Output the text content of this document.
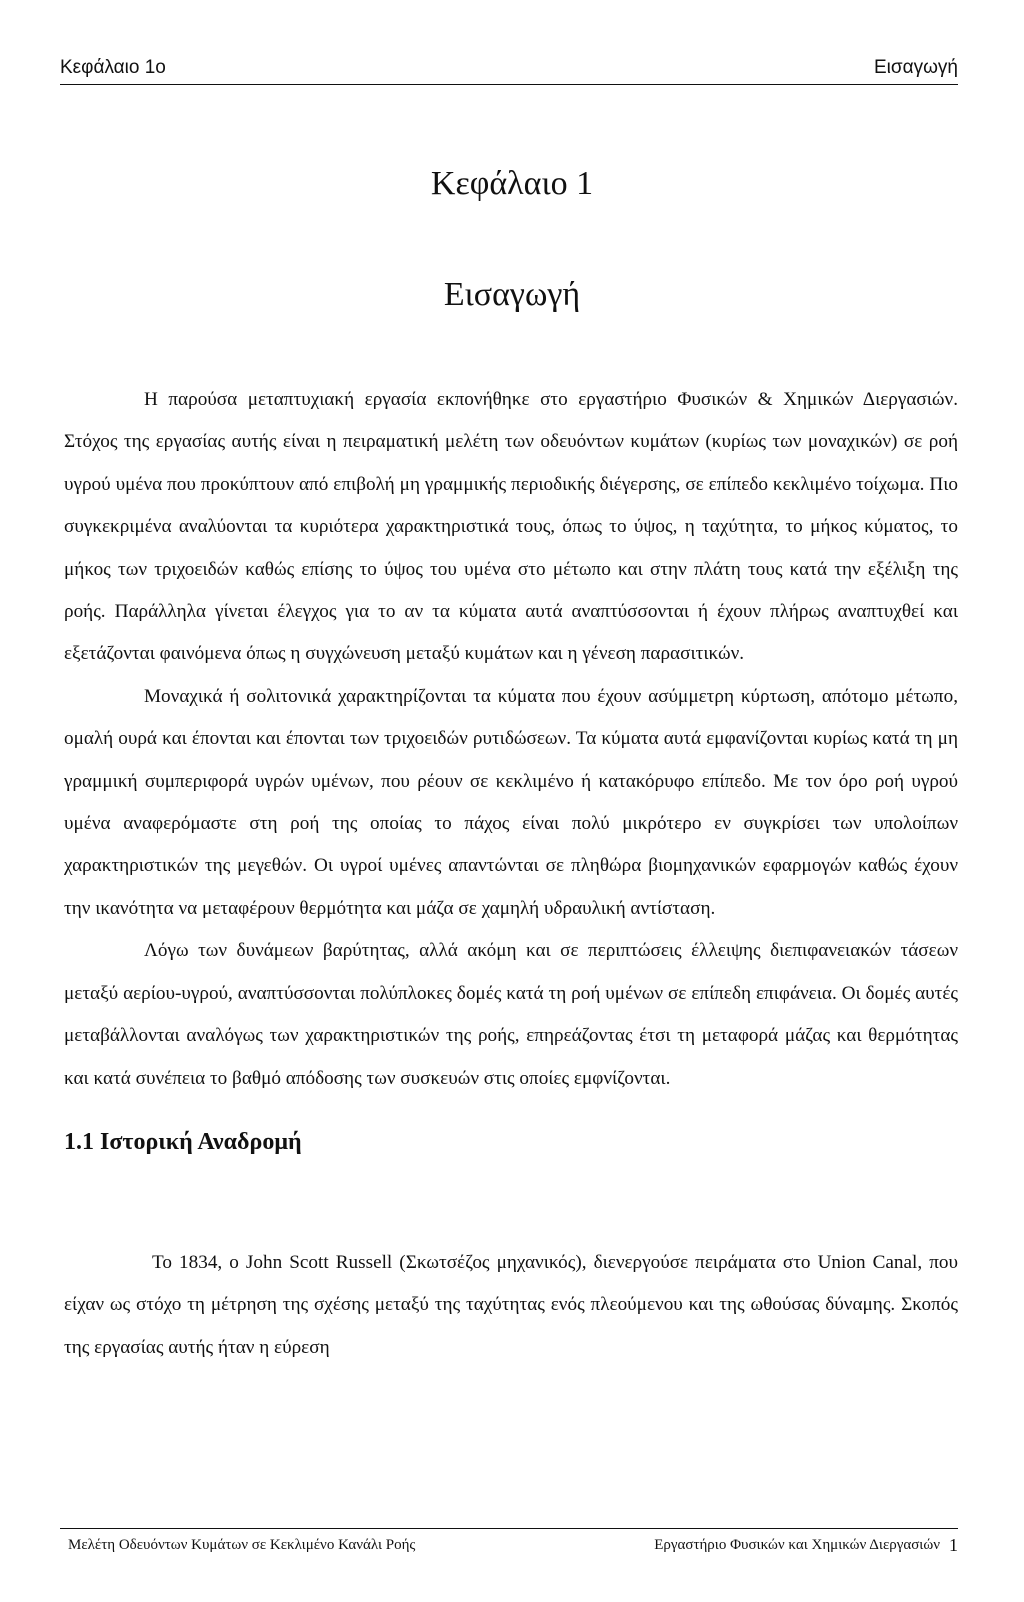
Κεφάλαιο 1ο	Εισαγωγή
Κεφάλαιο 1
Εισαγωγή

Η παρούσα μεταπτυχιακή εργασία εκπονήθηκε στο εργαστήριο Φυσικών & Χημικών Διεργασιών. Στόχος της εργασίας αυτής είναι η πειραματική μελέτη των οδευόντων κυμάτων (κυρίως των μοναχικών) σε ροή υγρού υμένα που προκύπτουν από επιβολή μη γραμμικής περιοδικής διέγερσης, σε επίπεδο κεκλιμένο τοίχωμα. Πιο συγκεκριμένα αναλύονται τα κυριότερα χαρακτηριστικά τους, όπως το ύψος, η ταχύτητα, το μήκος κύματος, το μήκος των τριχοειδών καθώς επίσης το ύψος του υμένα στο μέτωπο και στην πλάτη τους κατά την εξέλιξη της ροής. Παράλληλα γίνεται έλεγχος για το αν τα κύματα αυτά αναπτύσσονται ή έχουν πλήρως αναπτυχθεί και εξετάζονται φαινόμενα όπως η συγχώνευση μεταξύ κυμάτων και η γένεση παρασιτικών.

Μοναχικά ή σολιτονικά χαρακτηρίζονται τα κύματα που έχουν ασύμμετρη κύρτωση, απότομο μέτωπο, ομαλή ουρά και έπονται και έπονται των τριχοειδών ρυτιδώσεων. Τα κύματα αυτά εμφανίζονται κυρίως κατά τη μη γραμμική συμπεριφορά υγρών υμένων, που ρέουν σε κεκλιμένο ή κατακόρυφο επίπεδο. Με τον όρο ροή υγρού υμένα αναφερόμαστε στη ροή της οποίας το πάχος είναι πολύ μικρότερο εν συγκρίσει των υπολοίπων χαρακτηριστικών της μεγεθών. Οι υγροί υμένες απαντώνται σε πληθώρα βιομηχανικών εφαρμογών καθώς έχουν την ικανότητα να μεταφέρουν θερμότητα και μάζα σε χαμηλή υδραυλική αντίσταση.

Λόγω των δυνάμεων βαρύτητας, αλλά ακόμη και σε περιπτώσεις έλλειψης διεπιφανειακών τάσεων μεταξύ αερίου-υγρού, αναπτύσσονται πολύπλοκες δομές κατά τη ροή υμένων σε επίπεδη επιφάνεια. Οι δομές αυτές μεταβάλλονται αναλόγως των χαρακτηριστικών της ροής, επηρεάζοντας έτσι τη μεταφορά μάζας και θερμότητας και κατά συνέπεια το βαθμό απόδοσης των συσκευών στις οποίες εμφνίζονται.

1.1 Ιστορική Αναδρομή

Το 1834, ο John Scott Russell (Σκωτσέζος μηχανικός), διενεργούσε πειράματα στο Union Canal, που είχαν ως στόχο τη μέτρηση της σχέσης μεταξύ της ταχύτητας ενός πλεούμενου και της ωθούσας δύναμης. Σκοπός της εργασίας αυτής ήταν η εύρεση

Μελέτη Οδευόντων Κυμάτων σε Κεκλιμένο Κανάλι Ροής	Εργαστήριο Φυσικών και Χημικών Διεργασιών 1
